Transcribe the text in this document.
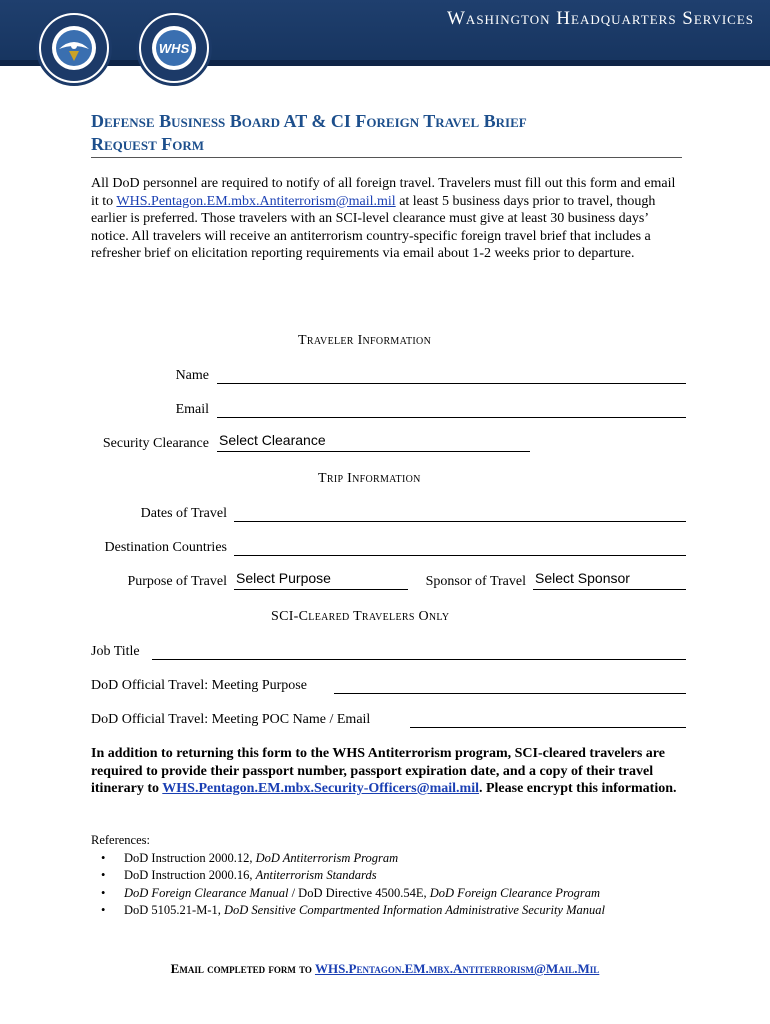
Washington Headquarters Services
WHS
Defense Business Board AT & CI Foreign Travel Brief
Request Form
All DoD personnel are required to notify of all foreign travel. Travelers must fill out this form and email it to WHS.Pentagon.EM.mbx.Antiterrorism@mail.mil at least 5 business days prior to travel, though earlier is preferred. Those travelers with an SCI-level clearance must give at least 30 business days’ notice. All travelers will receive an antiterrorism country-specific foreign travel brief that includes a refresher brief on elicitation reporting requirements via email about 1-2 weeks prior to departure.
Traveler Information
Name
Email
Security Clearance Select Clearance
Trip Information
Dates of Travel
Destination Countries
Purpose of Travel Select Purpose	Sponsor of Travel Select Sponsor
SCI-Cleared Travelers Only
Job Title
DoD Official Travel: Meeting Purpose
DoD Official Travel: Meeting POC Name / Email
In addition to returning this form to the WHS Antiterrorism program, SCI-cleared travelers are required to provide their passport number, passport expiration date, and a copy of their travel itinerary to WHS.Pentagon.EM.mbx.Security-Officers@mail.mil. Please encrypt this information.
References:
• DoD Instruction 2000.12, DoD Antiterrorism Program
• DoD Instruction 2000.16, Antiterrorism Standards
• DoD Foreign Clearance Manual / DoD Directive 4500.54E, DoD Foreign Clearance Program
• DoD 5105.21-M-1, DoD Sensitive Compartmented Information Administrative Security Manual
Email completed form to WHS.Pentagon.EM.mbx.Antiterrorism@Mail.Mil
